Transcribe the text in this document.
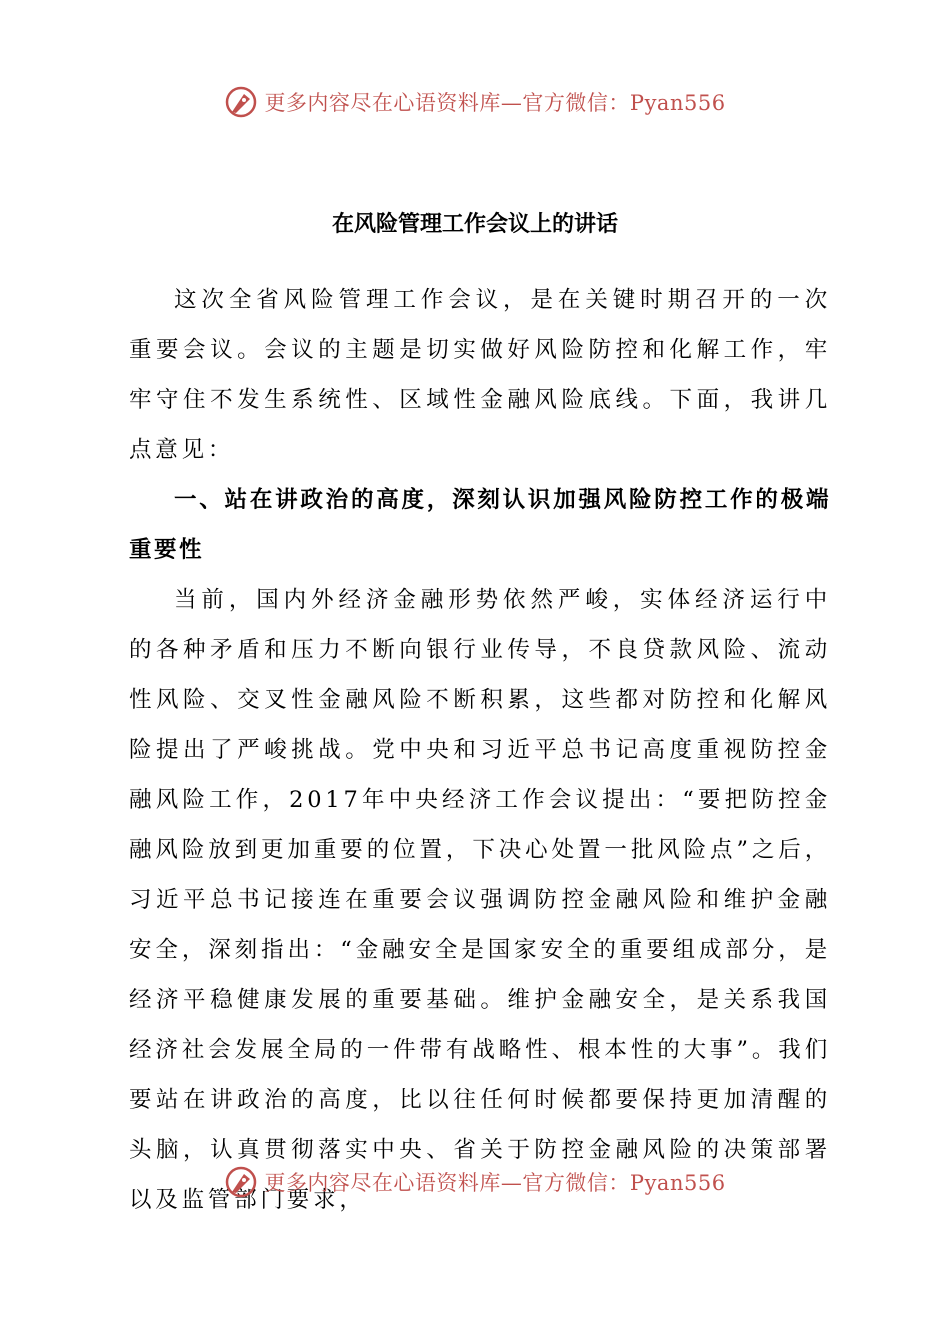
更多内容尽在心语资料库—官方微信：Pyan556
在风险管理工作会议上的讲话

这次全省风险管理工作会议，是在关键时期召开的一次重要会议。会议的主题是切实做好风险防控和化解工作，牢牢守住不发生系统性、区域性金融风险底线。下面，我讲几点意见：

一、站在讲政治的高度，深刻认识加强风险防控工作的极端重要性

当前，国内外经济金融形势依然严峻，实体经济运行中的各种矛盾和压力不断向银行业传导，不良贷款风险、流动性风险、交叉性金融风险不断积累，这些都对防控和化解风险提出了严峻挑战。党中央和习近平总书记高度重视防控金融风险工作，2017年中央经济工作会议提出：“要把防控金融风险放到更加重要的位置，下决心处置一批风险点”之后，习近平总书记接连在重要会议强调防控金融风险和维护金融安全，深刻指出：“金融安全是国家安全的重要组成部分，是经济平稳健康发展的重要基础。维护金融安全，是关系我国经济社会发展全局的一件带有战略性、根本性的大事”。我们要站在讲政治的高度，比以往任何时候都要保持更加清醒的头脑，认真贯彻落实中央、省关于防控金融风险的决策部署以及监管部门要求，

更多内容尽在心语资料库—官方微信：Pyan556
